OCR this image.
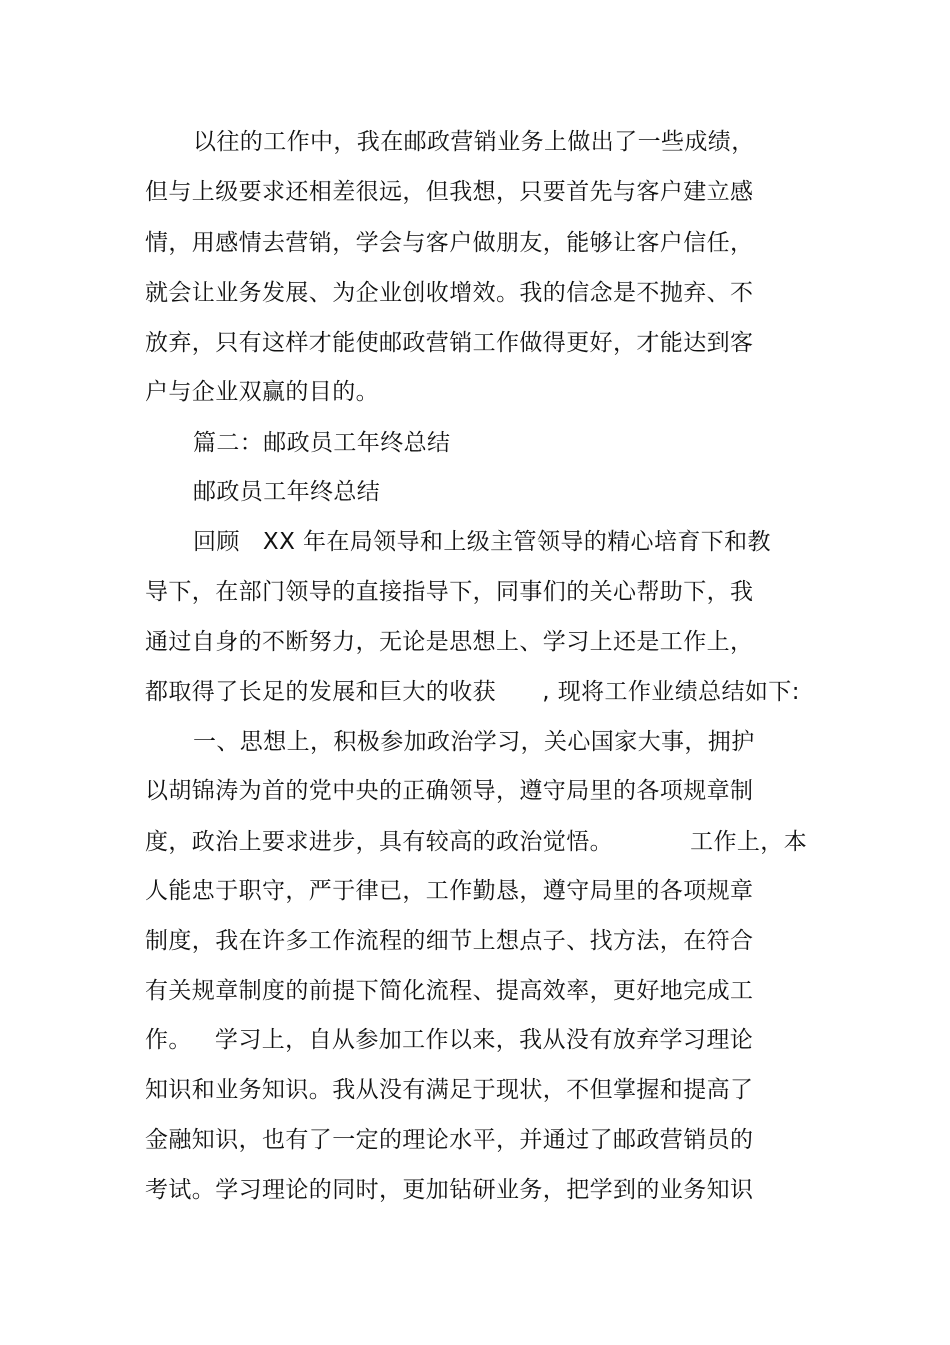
以往的工作中，我在邮政营销业务上做出了一些成绩，
但与上级要求还相差很远，但我想，只要首先与客户建立感
情，用感情去营销，学会与客户做朋友，能够让客户信任，
就会让业务发展、为企业创收增效。我的信念是不抛弃、不
放弃，只有这样才能使邮政营销工作做得更好，才能达到客
户与企业双赢的目的。
篇二：邮政员工年终总结
邮政员工年终总结
回顾   XX 年在局领导和上级主管领导的精心培育下和教
导下，在部门领导的直接指导下，同事们的关心帮助下，我
通过自身的不断努力，无论是思想上、学习上还是工作上，
都取得了长足的发展和巨大的收获      , 现将工作业绩总结如下:
一、思想上，积极参加政治学习，关心国家大事，拥护
以胡锦涛为首的党中央的正确领导，遵守局里的各项规章制
度，政治上要求进步，具有较高的政治觉悟。          工作上，本
人能忠于职守，严于律已，工作勤恳，遵守局里的各项规章
制度，我在许多工作流程的细节上想点子、找方法，在符合
有关规章制度的前提下简化流程、提高效率，更好地完成工
作。   学习上，自从参加工作以来，我从没有放弃学习理论
知识和业务知识。我从没有满足于现状，不但掌握和提高了
金融知识，也有了一定的理论水平，并通过了邮政营销员的
考试。学习理论的同时，更加钻研业务，把学到的业务知识
